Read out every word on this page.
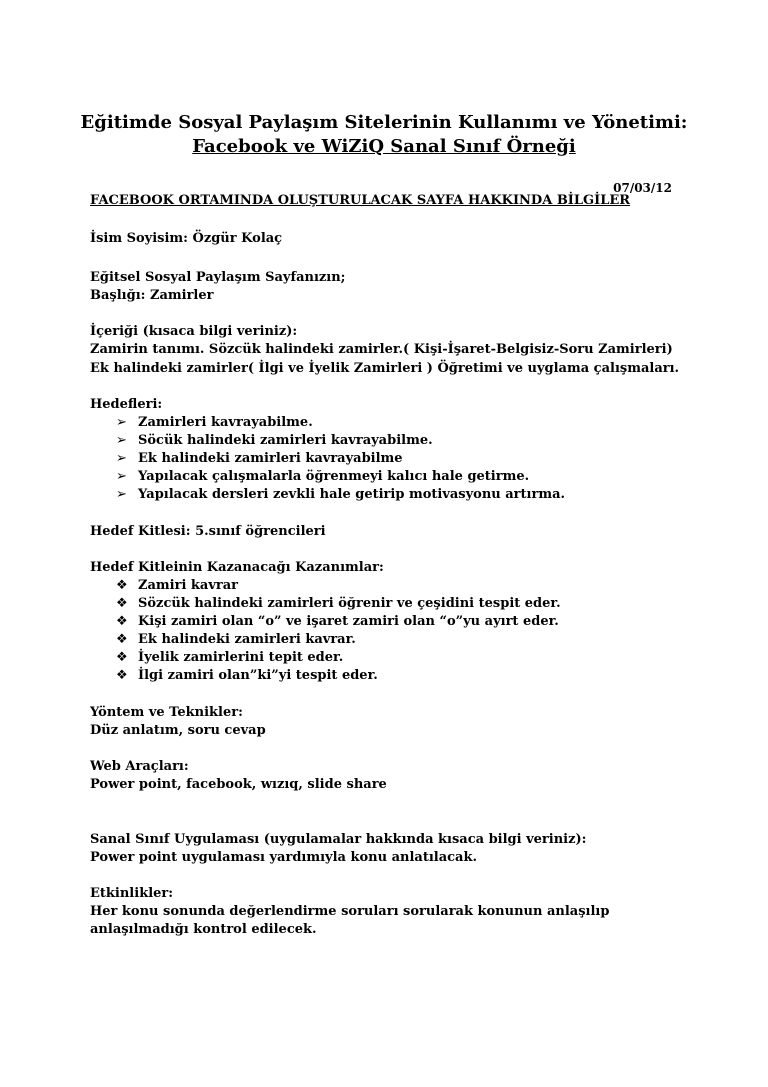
Eğitimde Sosyal Paylaşım Sitelerinin Kullanımı ve Yönetimi:
Facebook ve WiZiQ Sanal Sınıf Örneği
07/03/12
FACEBOOK ORTAMINDA OLUŞTURULACAK SAYFA HAKKINDA BİLGİLER
İsim Soyisim: Özgür Kolaç
Eğitsel Sosyal Paylaşım Sayfanızın;
Başlığı: Zamirler
İçeriği (kısaca bilgi veriniz):
Zamirin tanımı. Sözcük halindeki zamirler.( Kişi-İşaret-Belgisiz-Soru Zamirleri)
Ek halindeki zamirler( İlgi ve İyelik Zamirleri ) Öğretimi ve uyglama çalışmaları.
Hedefleri:
➢ Zamirleri kavrayabilme.
➢ Söcük halindeki zamirleri kavrayabilme.
➢ Ek halindeki zamirleri kavrayabilme
➢ Yapılacak çalışmalarla öğrenmeyi kalıcı hale getirme.
➢ Yapılacak dersleri zevkli hale getirip motivasyonu artırma.
Hedef Kitlesi: 5.sınıf öğrencileri
Hedef Kitleinin Kazanacağı Kazanımlar:
❖ Zamiri kavrar
❖ Sözcük halindeki zamirleri öğrenir ve çeşidini tespit eder.
❖ Kişi zamiri olan “o” ve işaret zamiri olan “o”yu ayırt eder.
❖ Ek halindeki zamirleri kavrar.
❖ İyelik zamirlerini tepit eder.
❖ İlgi zamiri olan”ki”yi tespit eder.
Yöntem ve Teknikler:
Düz anlatım, soru cevap
Web Araçları:
Power point, facebook, wızıq, slide share
Sanal Sınıf Uygulaması (uygulamalar hakkında kısaca bilgi veriniz):
Power point uygulaması yardımıyla konu anlatılacak.
Etkinlikler:
Her konu sonunda değerlendirme soruları sorularak konunun anlaşılıp
anlaşılmadığı kontrol edilecek.
